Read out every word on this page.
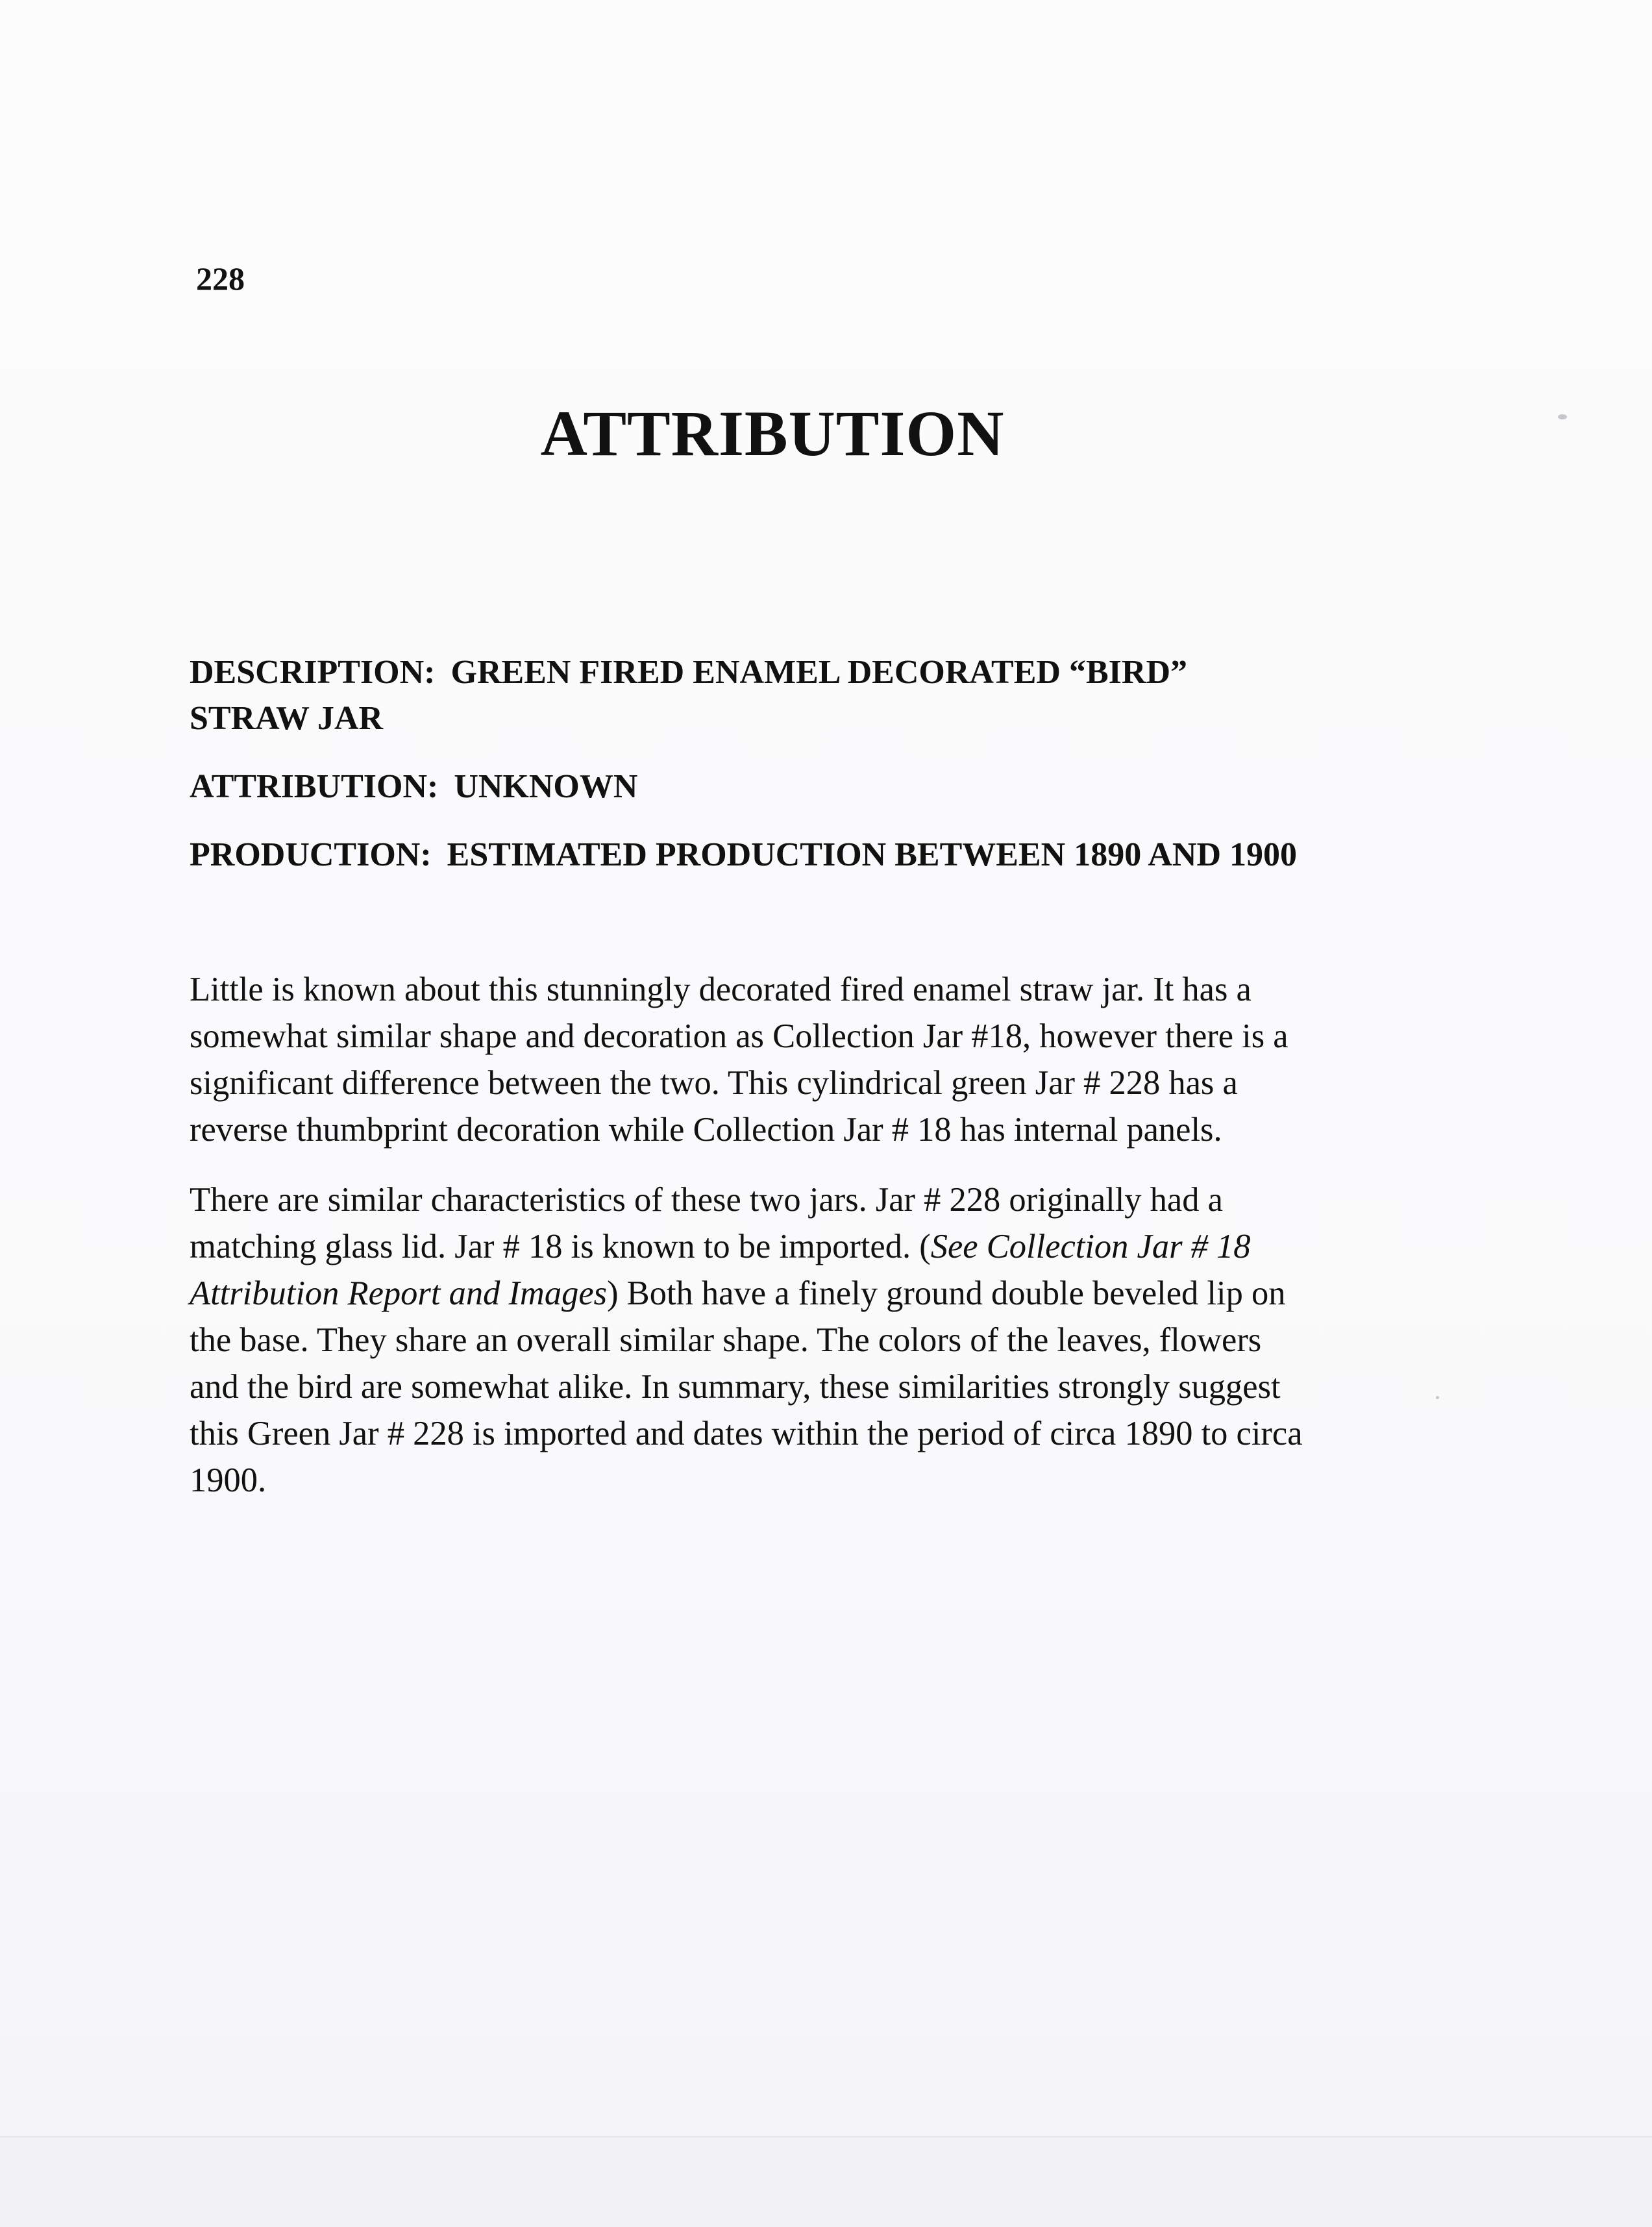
228
ATTRIBUTION
DESCRIPTION: GREEN FIRED ENAMEL DECORATED “BIRD”
STRAW JAR
ATTRIBUTION: UNKNOWN
PRODUCTION: ESTIMATED PRODUCTION BETWEEN 1890 AND 1900

Little is known about this stunningly decorated fired enamel straw jar. It has a
somewhat similar shape and decoration as Collection Jar #18, however there is a
significant difference between the two. This cylindrical green Jar # 228 has a
reverse thumbprint decoration while Collection Jar # 18 has internal panels.

There are similar characteristics of these two jars. Jar # 228 originally had a
matching glass lid. Jar # 18 is known to be imported. (See Collection Jar # 18
Attribution Report and Images) Both have a finely ground double beveled lip on
the base. They share an overall similar shape. The colors of the leaves, flowers
and the bird are somewhat alike. In summary, these similarities strongly suggest
this Green Jar # 228 is imported and dates within the period of circa 1890 to circa
1900.
